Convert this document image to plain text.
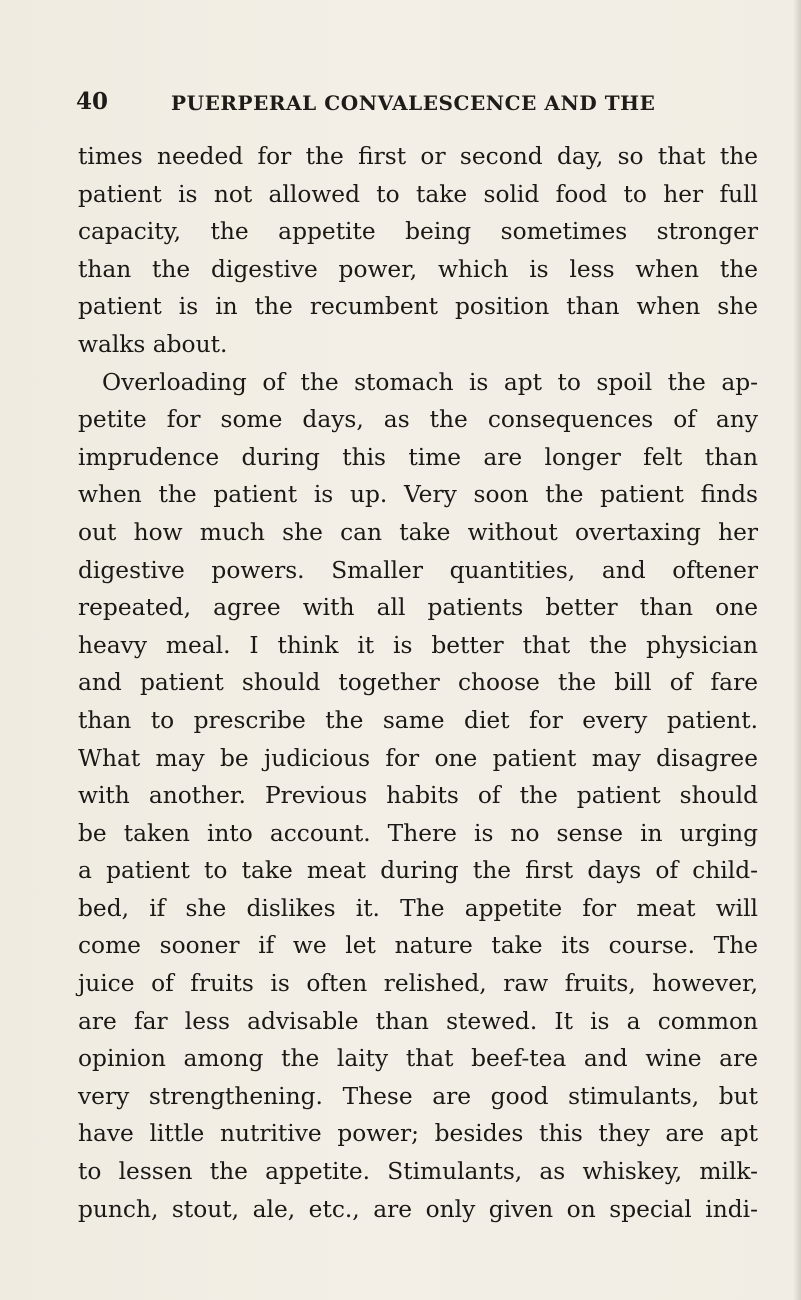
40	PUERPERAL CONVALESCENCE AND THE
times needed for the first or second day, so that the
patient is not allowed to take solid food to her full
capacity, the appetite being sometimes stronger
than the digestive power, which is less when the
patient is in the recumbent position than when she
walks about.
Overloading of the stomach is apt to spoil the ap-
petite for some days, as the consequences of any
imprudence during this time are longer felt than
when the patient is up. Very soon the patient finds
out how much she can take without overtaxing her
digestive powers. Smaller quantities, and oftener
repeated, agree with all patients better than one
heavy meal. I think it is better that the physician
and patient should together choose the bill of fare
than to prescribe the same diet for every patient.
What may be judicious for one patient may disagree
with another. Previous habits of the patient should
be taken into account. There is no sense in urging
a patient to take meat during the first days of child-
bed, if she dislikes it. The appetite for meat will
come sooner if we let nature take its course. The
juice of fruits is often relished, raw fruits, however,
are far less advisable than stewed. It is a common
opinion among the laity that beef-tea and wine are
very strengthening. These are good stimulants, but
have little nutritive power; besides this they are apt
to lessen the appetite. Stimulants, as whiskey, milk-
punch, stout, ale, etc., are only given on special indi-
